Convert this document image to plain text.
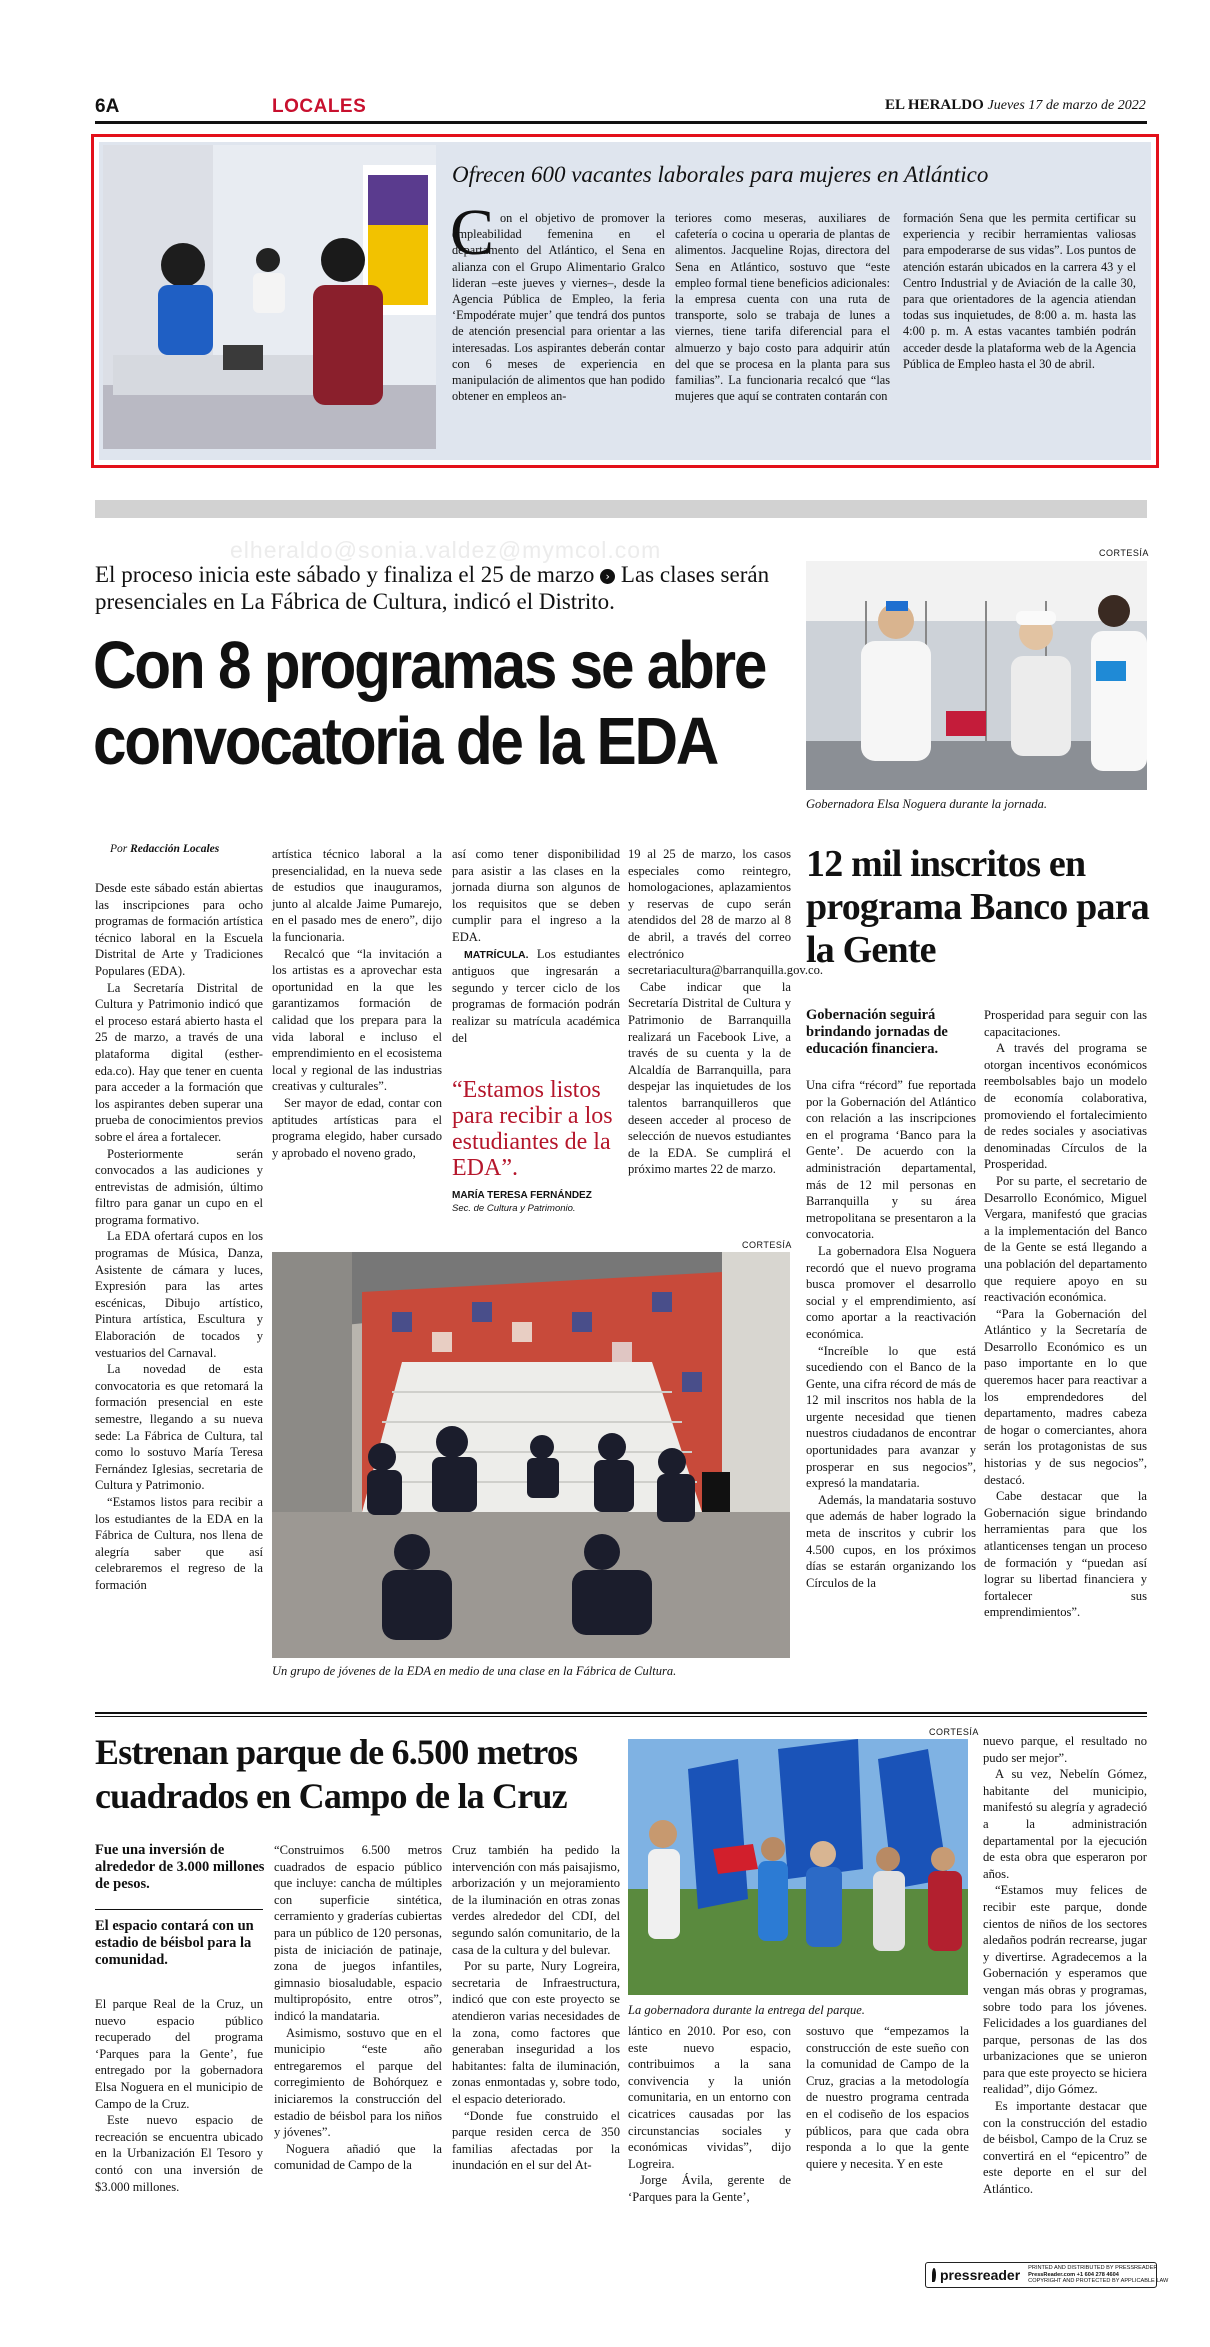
6A	LOCALES	EL HERALDO Jueves 17 de marzo de 2022
Ofrecen 600 vacantes laborales para mujeres en Atlántico
C on el objetivo de promover la empleabilidad femenina en el departamento del Atlántico, el Sena en alianza con el Grupo Alimentario Gralco lideran –este jueves y viernes–, desde la Agencia Pública de Empleo, la feria ‘Empodérate mujer’ que tendrá dos puntos de atención presencial para orientar a las interesadas. Los aspirantes deberán contar con 6 meses de experiencia en manipulación de alimentos que han podido obtener en empleos an-
teriores como meseras, auxiliares de cafetería o cocina u operaria de plantas de alimentos. Jacqueline Rojas, directora del Sena en Atlántico, sostuvo que “este empleo formal tiene beneficios adicionales: la empresa cuenta con una ruta de transporte, solo se trabaja de lunes a viernes, tiene tarifa diferencial para el almuerzo y bajo costo para adquirir atún del que se procesa en la planta para sus familias”. La funcionaria recalcó que “las mujeres que aquí se contraten contarán con
formación Sena que les permita certificar su experiencia y recibir herramientas valiosas para empoderarse de sus vidas”. Los puntos de atención estarán ubicados en la carrera 43 y el Centro Industrial y de Aviación de la calle 30, para que orientadores de la agencia atiendan todas sus inquietudes, de 8:00 a. m. hasta las 4:00 p. m. A estas vacantes también podrán acceder desde la plataforma web de la Agencia Pública de Empleo hasta el 30 de abril.
elheraldo@sonia.valdez@mymcol.com
El proceso inicia este sábado y finaliza el 25 de marzo › Las clases serán presenciales en La Fábrica de Cultura, indicó el Distrito.
Con 8 programas se abre convocatoria de la EDA
Por Redacción Locales

Desde este sábado están abiertas las inscripciones para ocho programas de formación artística técnico laboral en la Escuela Distrital de Arte y Tradiciones Populares (EDA).

La Secretaría Distrital de Cultura y Patrimonio indicó que el proceso estará abierto hasta el 25 de marzo, a través de una plataforma digital (esther-eda.co). Hay que tener en cuenta para acceder a la formación que los aspirantes deben superar una prueba de conocimientos previos sobre el área a fortalecer.

Posteriormente serán convocados a las audiciones y entrevistas de admisión, último filtro para ganar un cupo en el programa formativo.

La EDA ofertará cupos en los programas de Música, Danza, Asistente de cámara y luces, Expresión para las artes escénicas, Dibujo artístico, Pintura artística, Escultura y Elaboración de tocados y vestuarios del Carnaval.

La novedad de esta convocatoria es que retomará la formación presencial en este semestre, llegando a su nueva sede: La Fábrica de Cultura, tal como lo sostuvo María Teresa Fernández Iglesias, secretaria de Cultura y Patrimonio.

“Estamos listos para recibir a los estudiantes de la EDA en la Fábrica de Cultura, nos llena de alegría saber que así celebraremos el regreso de la formación

artística técnico laboral a la presencialidad, en la nueva sede de estudios que inauguramos, junto al alcalde Jaime Pumarejo, en el pasado mes de enero”, dijo la funcionaria.

Recalcó que “la invitación a los artistas es a aprovechar esta oportunidad en la que les garantizamos formación de calidad que los prepara para la vida laboral e incluso el emprendimiento en el ecosistema local y regional de las industrias creativas y culturales”.

Ser mayor de edad, contar con aptitudes artísticas para el programa elegido, haber cursado y aprobado el noveno grado,

así como tener disponibilidad para asistir a las clases en la jornada diurna son algunos de los requisitos que se deben cumplir para el ingreso a la EDA.

MATRÍCULA. Los estudiantes antiguos que ingresarán a segundo y tercer ciclo de los programas de formación podrán realizar su matrícula académica del

19 al 25 de marzo, los casos especiales como reintegro, homologaciones, aplazamientos y reservas de cupo serán atendidos del 28 de marzo al 8 de abril, a través del correo electrónico secretariacultura@barranquilla.gov.co.

Cabe indicar que la Secretaría Distrital de Cultura y Patrimonio de Barranquilla realizará un Facebook Live, a través de su cuenta y la de Alcaldía de Barranquilla, para despejar las inquietudes de los talentos barranquilleros que deseen acceder al proceso de selección de nuevos estudiantes de la EDA. Se cumplirá el próximo martes 22 de marzo.

“Estamos listos para recibir a los estudiantes de la EDA”.
MARÍA TERESA FERNÁNDEZ
Sec. de Cultura y Patrimonio.
CORTESÍA
Un grupo de jóvenes de la EDA en medio de una clase en la Fábrica de Cultura.
CORTESÍA
Gobernadora Elsa Noguera durante la jornada.
12 mil inscritos en programa Banco para la Gente
Gobernación seguirá brindando jornadas de educación financiera.

Una cifra “récord” fue reportada por la Gobernación del Atlántico con relación a las inscripciones en el programa ‘Banco para la Gente’. De acuerdo con la administración departamental, más de 12 mil personas en Barranquilla y su área metropolitana se presentaron a la convocatoria.

La gobernadora Elsa Noguera recordó que el nuevo programa busca promover el desarrollo social y el emprendimiento, así como aportar a la reactivación económica.

“Increíble lo que está sucediendo con el Banco de la Gente, una cifra récord de más de 12 mil inscritos nos habla de la urgente necesidad que tienen nuestros ciudadanos de encontrar oportunidades para avanzar y prosperar en sus negocios”, expresó la mandataria.

Además, la mandataria sostuvo que además de haber logrado la meta de inscritos y cubrir los 4.500 cupos, en los próximos días se estarán organizando los Círculos de la

Prosperidad para seguir con las capacitaciones.

A través del programa se otorgan incentivos económicos reembolsables bajo un modelo de economía colaborativa, promoviendo el fortalecimiento de redes sociales y asociativas denominadas Círculos de la Prosperidad.

Por su parte, el secretario de Desarrollo Económico, Miguel Vergara, manifestó que gracias a la implementación del Banco de la Gente se está llegando a una población del departamento que requiere apoyo en su reactivación económica.

“Para la Gobernación del Atlántico y la Secretaría de Desarrollo Económico es un paso importante en lo que queremos hacer para reactivar a los emprendedores del departamento, madres cabeza de hogar o comerciantes, ahora serán los protagonistas de sus historias y de sus negocios”, destacó.

Cabe destacar que la Gobernación sigue brindando herramientas para que los atlanticenses tengan un proceso de formación y “puedan así lograr su libertad financiera y fortalecer sus emprendimientos”.

Estrenan parque de 6.500 metros cuadrados en Campo de la Cruz
Fue una inversión de alrededor de 3.000 millones de pesos.
El espacio contará con un estadio de béisbol para la comunidad.

El parque Real de la Cruz, un nuevo espacio público recuperado del programa ‘Parques para la Gente’, fue entregado por la gobernadora Elsa Noguera en el municipio de Campo de la Cruz.

Este nuevo espacio de recreación se encuentra ubicado en la Urbanización El Tesoro y contó con una inversión de $3.000 millones.

“Construimos 6.500 metros cuadrados de espacio público que incluye: cancha de múltiples con superficie sintética, cerramiento y graderías cubiertas para un público de 120 personas, pista de iniciación de patinaje, zona de juegos infantiles, gimnasio biosaludable, espacio multipropósito, entre otros”, indicó la mandataria.

Asimismo, sostuvo que en el municipio “este año entregaremos el parque del corregimiento de Bohórquez e iniciaremos la construcción del estadio de béisbol para los niños y jóvenes”.

Noguera añadió que la comunidad de Campo de la

Cruz también ha pedido la intervención con más paisajismo, arborización y un mejoramiento de la iluminación en otras zonas verdes alrededor del CDI, del segundo salón comunitario, de la casa de la cultura y del bulevar.

Por su parte, Nury Logreira, secretaria de Infraestructura, indicó que con este proyecto se atendieron varias necesidades de la zona, como factores que generaban inseguridad a los habitantes: falta de iluminación, zonas enmontadas y, sobre todo, el espacio deteriorado.

“Donde fue construido el parque residen cerca de 350 familias afectadas por la inundación en el sur del At-

CORTESÍA
La gobernadora durante la entrega del parque.

lántico en 2010. Por eso, con este nuevo espacio, contribuimos a la sana convivencia y la unión comunitaria, en un entorno con cicatrices causadas por las circunstancias sociales y económicas vividas”, dijo Logreira.

Jorge Ávila, gerente de ‘Parques para la Gente’,

sostuvo que “empezamos la construcción de este sueño con la comunidad de Campo de la Cruz, gracias a la metodología de nuestro programa centrada en el codiseño de los espacios públicos, para que cada obra responda a lo que la gente quiere y necesita. Y en este

nuevo parque, el resultado no pudo ser mejor”.

A su vez, Nebelín Gómez, habitante del municipio, manifestó su alegría y agradeció a la administración departamental por la ejecución de esta obra que esperaron por años.

“Estamos muy felices de recibir este parque, donde cientos de niños de los sectores aledaños podrán recrearse, jugar y divertirse. Agradecemos a la Gobernación y esperamos que vengan más obras y programas, sobre todo para los jóvenes. Felicidades a los guardianes del parque, personas de las dos urbanizaciones que se unieron para que este proyecto se hiciera realidad”, dijo Gómez.

Es importante destacar que con la construcción del estadio de béisbol, Campo de la Cruz se convertirá en el “epicentro” de este deporte en el sur del Atlántico.

pressreader PRINTED AND DISTRIBUTED BY PRESSREADER
PressReader.com +1 604 278 4604
COPYRIGHT AND PROTECTED BY APPLICABLE LAW
